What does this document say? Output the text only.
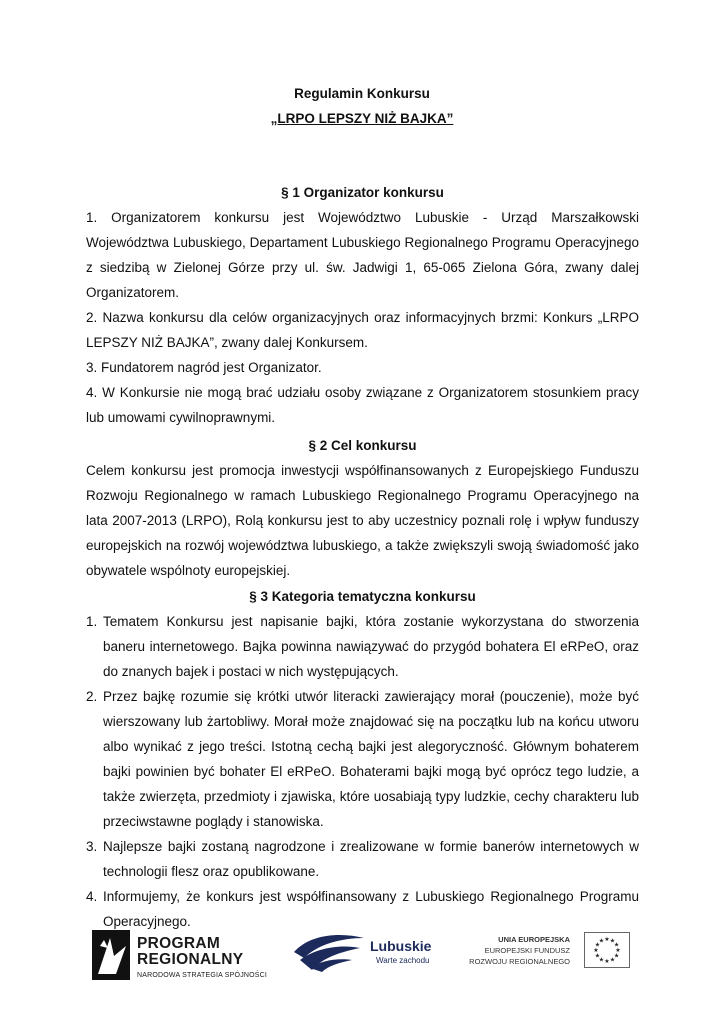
Regulamin Konkursu
„LRPO LEPSZY NIŻ BAJKA”
§ 1 Organizator konkursu

1. Organizatorem konkursu jest Województwo Lubuskie - Urząd Marszałkowski Województwa Lubuskiego, Departament Lubuskiego Regionalnego Programu Operacyjnego z siedzibą w Zielonej Górze przy ul. św. Jadwigi 1, 65-065 Zielona Góra, zwany dalej Organizatorem.

2. Nazwa konkursu dla celów organizacyjnych oraz informacyjnych brzmi: Konkurs „LRPO LEPSZY NIŻ BAJKA”, zwany dalej Konkursem.

3. Fundatorem nagród jest Organizator.

4. W Konkursie nie mogą brać udziału osoby związane z Organizatorem stosunkiem pracy lub umowami cywilnoprawnymi.

§ 2 Cel konkursu

Celem konkursu jest promocja inwestycji współfinansowanych z Europejskiego Funduszu Rozwoju Regionalnego w ramach Lubuskiego Regionalnego Programu Operacyjnego na lata 2007-2013 (LRPO), Rolą konkursu jest to aby uczestnicy poznali rolę i wpływ funduszy europejskich na rozwój województwa lubuskiego, a także zwiększyli swoją świadomość jako obywatele wspólnoty europejskiej.

§ 3 Kategoria tematyczna konkursu
1. Tematem Konkursu jest napisanie bajki, która zostanie wykorzystana do stworzenia baneru internetowego. Bajka powinna nawiązywać do przygód bohatera El eRPeO, oraz do znanych bajek i postaci w nich występujących.
2. Przez bajkę rozumie się krótki utwór literacki zawierający morał (pouczenie), może być wierszowany lub żartobliwy. Morał może znajdować się na początku lub na końcu utworu albo wynikać z jego treści. Istotną cechą bajki jest alegoryczność. Głównym bohaterem bajki powinien być bohater El eRPeO. Bohaterami bajki mogą być oprócz tego ludzie, a także zwierzęta, przedmioty i zjawiska, które uosabiają typy ludzkie, cechy charakteru lub przeciwstawne poglądy i stanowiska.
3. Najlepsze bajki zostaną nagrodzone i zrealizowane w formie banerów internetowych w technologii flesz oraz opublikowane.
4. Informujemy, że konkurs jest współfinansowany z Lubuskiego Regionalnego Programu Operacyjnego.
PROGRAM
REGIONALNY
NARODOWA STRATEGIA SPÓJNOŚCI
Lubuskie
Warte zachodu
UNIA EUROPEJSKA
EUROPEJSKI FUNDUSZ
ROZWOJU REGIONALNEGO
★ ★
★
★
★
★
★
★
★
★
★
★
